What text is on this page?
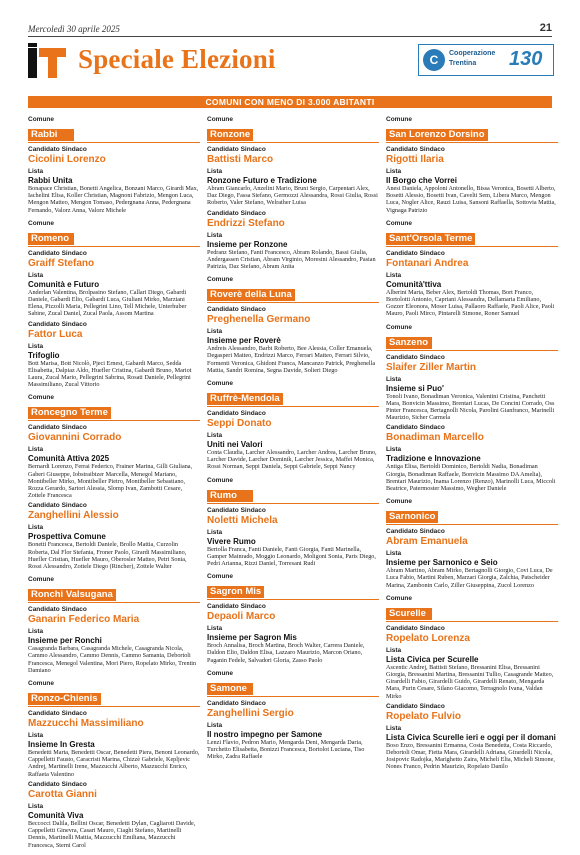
Mercoledì 30 aprile 2025	21
Speciale Elezioni	C	Cooperazione
Trentina 130
COMUNI CON MENO DI 3.000 ABITANTI
Comune
Rabbi
Candidato Sindaco
Cicolini Lorenzo
Lista
Rabbi Unita
Bonapace Christian, Bonetti Angelica, Bonzani Marco, Girardi Max, Iachelini Elisa, Koller Christian, Magnoni Fabrizio, Mengon Luca, Mengon Matteo, Mengon Tomaso, Pedergnana Anna, Pedergnana Fernando, Valorz Anna, Valorz Michele
Comune
Romeno
Candidato Sindaco
Graiff Stefano
Lista
Comunità e Futuro
Anderlan Valentina, Brolpasino Stefano, Callari Diego, Gabardi Daniele, Gabardi Elio, Gabardi Luca, Giuliani Mirko, Marziani Elena, Pizzolli Maria, Pellegrini Lino, Tell Michele, Unterhuber Sabine, Zucal Daniel, Zucal Paola, Assom Martina
Candidato Sindaco
Fattor Luca
Lista
Trifoglio
Bott Marisa, Bott Nicolò, Pjeci Ernest, Gabardi Marco, Sedda Elisabetta, Dalpiaz Aldo, Huefler Cristina, Gabardi Bruno, Mariot Laura, Zucal Mario, Pellegrini Sabrina, Rosati Daniele, Pellegrini Massimiliano, Zucal Vittorio
Comune
Roncegno Terme
Candidato Sindaco
Giovannini Corrado
Lista
Comunità Attiva 2025
Bernardi Lorenzo, Ferrai Federico, Frainer Marina, Gilli Giuliana, Gaberi Giuseppe, Iobstraibizer Marcella, Menegol Mariano, Montibeller Mirko, Montibeller Pietro, Montibeller Sebastiano, Rozza Gerardo, Sartori Alessia, Slomp Ivan, Zambotti Cesare, Zottele Francesca
Candidato Sindaco
Zanghellini Alessio
Lista
Prospettiva Comune
Bonetti Francesca, Bertoldi Daniele, Brollo Mattia, Curzolin Roberta, Dal Flor Stefania, Froner Paolo, Girardi Massimiliano, Huefler Cristian, Huefler Mauro, Oberosler Matteo, Petri Sonia, Rossi Alessandro, Zottele Diego (Rincher), Zottele Walter
Comune
Ronchi Valsugana
Candidato Sindaco
Ganarin Federico Maria
Lista
Insieme per Ronchi
Casagranda Barbara, Casagranda Michele, Casagranda Nicola, Cammo Alessandro, Cammo Dennis, Cammo Samanta, Debortoli Francesca, Menegol Valentina, Mori Piero, Ropelato Mirko, Trentin Damiano
Comune
Ronzo-Chienis
Candidato Sindaco
Mazzucchi Massimiliano
Lista
Insieme In Gresta
Benedetti Marta, Benedetti Oscar, Benedetti Piera, Benoni Leonardo, Cappelletti Fausto, Caracristi Marina, Chizzè Gabriele, Kepljevic Andrej, Martinelli Irene, Mazzucchi Alberto, Mazzucchi Enrico, Raffaeta Valentino
Candidato Sindaco
Carotta Gianni
Lista
Comunità Viva
Beccocci Dalila, Bellini Oscar, Benedetti Dylan, Cagliaroti Davide, Cappelletti Ginevra, Casari Mauro, Ciaghi Stefano, Martinelli Dennis, Martinelli Mattia, Mazzucchi Emiliana, Mazzucchi Francesca, Sterni Carol
Comune
Ronzone
Candidato Sindaco
Battisti Marco
Lista
Ronzone Futuro e Tradizione
Abram Giancarlo, Anzelini Mario, Bruni Sergio, Carpentari Alex, Daz Diego, Fassa Stefano, Germozzi Alessandra, Rossi Giulia, Rossi Roberto, Valer Stefano, Welrather Luisa
Candidato Sindaco
Endrizzi Stefano
Lista
Insieme per Ronzone
Pedranz Stefano, Fanti Francesco, Abram Rolando, Bassi Giulia, Andergassen Cristian, Abram Virginio, Moresini Alessandro, Pasian Patrizia, Daz Stefano, Abram Anita
Comune
Roverè della Luna
Candidato Sindaco
Preghenella Germano
Lista
Insieme per Roverè
Andreis Alessandro, Barbi Roberto, Bee Alessia, Coller Emanuela, Degasperi Matteo, Endrizzi Marco, Ferrari Matteo, Ferrari Silvio, Formenti Veronica, Ghidoni Franca, Mancanzo Patrick, Preghenella Mattia, Sandri Romina, Segna Davide, Solieri Diego
Comune
Ruffrè-Mendola
Candidato Sindaco
Seppi Donato
Lista
Uniti nei Valori
Conta Claudia, Larcher Alessandro, Larcher Andrea, Larcher Bruno, Larcher Davide, Larcher Dominik, Larcher Jessica, Maffei Monica, Rossi Norman, Seppi Daniela, Seppi Gabriele, Seppi Nancy
Comune
Rumo
Candidato Sindaco
Noletti Michela
Lista
Vivere Rumo
Bertolla Franca, Fanti Daniele, Fanti Giorgia, Fanti Marinella, Gamper Mainrado, Moggio Leonardo, Moligoni Sonia, Paris Diego, Pedri Arianna, Rizzi Daniel, Torresani Rudi
Comune
Sagron Mis
Candidato Sindaco
Depaoli Marco
Lista
Insieme per Sagron Mis
Broch Annalisa, Broch Martina, Broch Walter, Carrera Daniele, Daldon Elio, Daldon Elisa, Lazzaro Maurizio, Marcon Oriano, Paganin Fedele, Salvadori Gloria, Zasso Paolo
Comune
Samone
Candidato Sindaco
Zanghellini Sergio
Lista
Il nostro impegno per Samone
Lenzi Flavio, Pedron Mario, Mengarda Deni, Mengarda Daria, Turchetto Elisabetta, Bonizzi Francesca, Bortolot Luciana, Tiso Mirko, Zadra Raffaele
Comune
San Lorenzo Dorsino
Candidato Sindaco
Rigotti Ilaria
Lista
Il Borgo che Vorrei
Anesi Daniela, Appoloni Antonello, Bissa Veronica, Bosetti Alberto, Bosetti Alessio, Bosetti Ivan, Cavelti Sem, Libera Marco, Mengon Luca, Nogler Alice, Rauzi Luisa, Sansoni Raffaella, Sottovia Mattia, Vignaga Patrizio
Comune
Sant'Orsola Terme
Candidato Sindaco
Fontanari Andrea
Lista
Comunità'ttiva
Alberini Marta, Beber Alex, Bertoldi Thomas, Bort Franco, Bortolotti Antonio, Capriani Alessandra, Dellamaria Emiliano, Gozzer Eleonora, Moser Luisa, Pallaoro Raffaele, Paoli Alice, Paoli Mauro, Paoli Mirco, Pintarelli Simone, Roner Samuel
Comune
Sanzeno
Candidato Sindaco
Slaifer Ziller Martin
Lista
Insieme si Puo'
Tonoli Ivano, Bonadiman Veronica, Valentini Cristina, Panchetti Mara, Bonvicin Massimo, Brentari Lucas, De Concini Corrado, Oss Pinter Francesca, Bertagnolli Nicola, Parolini Gianfranco, Marinelli Maurizio, Sicher Carmela
Candidato Sindaco
Bonadiman Marcello
Lista
Tradizione e Innovazione
Antiga Elisa, Bertoldi Dominico, Bertoldi Nadia, Bonadiman Giorgia, Bonadiman Raffaele, Bonvicin Massimo DA Amelia), Brentari Maurizio, Inama Lorenzo (Renzo), Marinolli Luca, Miccoli Beatrice, Patermoster Massimo, Wegher Daniele
Comune
Sarnonico
Candidato Sindaco
Abram Emanuela
Lista
Insieme per Sarnonico e Seio
Abram Martino, Abram Mirko, Bertagnolli Giorgio, Covi Luca, De Luca Fabio, Martini Ruben, Marzari Giorgia, Zalchia, Patscheider Marina, Zambonin Carlo, Ziller Giuseppina, Zucol Lorenzo
Comune
Scurelle
Candidato Sindaco
Ropelato Lorenza
Lista
Lista Civica per Scurelle
Ascentic Andrej, Battisti Stefano, Bressanini Elisa, Bressanini Giorgia, Bressanini Martina, Bressanini Tullio, Casagrande Matteo, Girardelli Fabio, Girardelli Guido, Girardelli Renato, Mengarda Mara, Purin Cesare, Silano Giacomo, Terragnolo Ivana, Valdan Mirko
Candidato Sindaco
Ropelato Fulvio
Lista
Lista Civica Scurelle ieri e oggi per il domani
Boso Enzo, Bressanini Ermanna, Costa Benedetta, Costa Riccardo, Debortoli Omar, Fietta Mara, Girardelli Adriana, Girardelli Nicola, Josipovic Radojka, Marighetto Zaira, Micheli Elia, Micheli Simone, Nones Franco, Pedrin Maurizio, Ropelato Danilo
